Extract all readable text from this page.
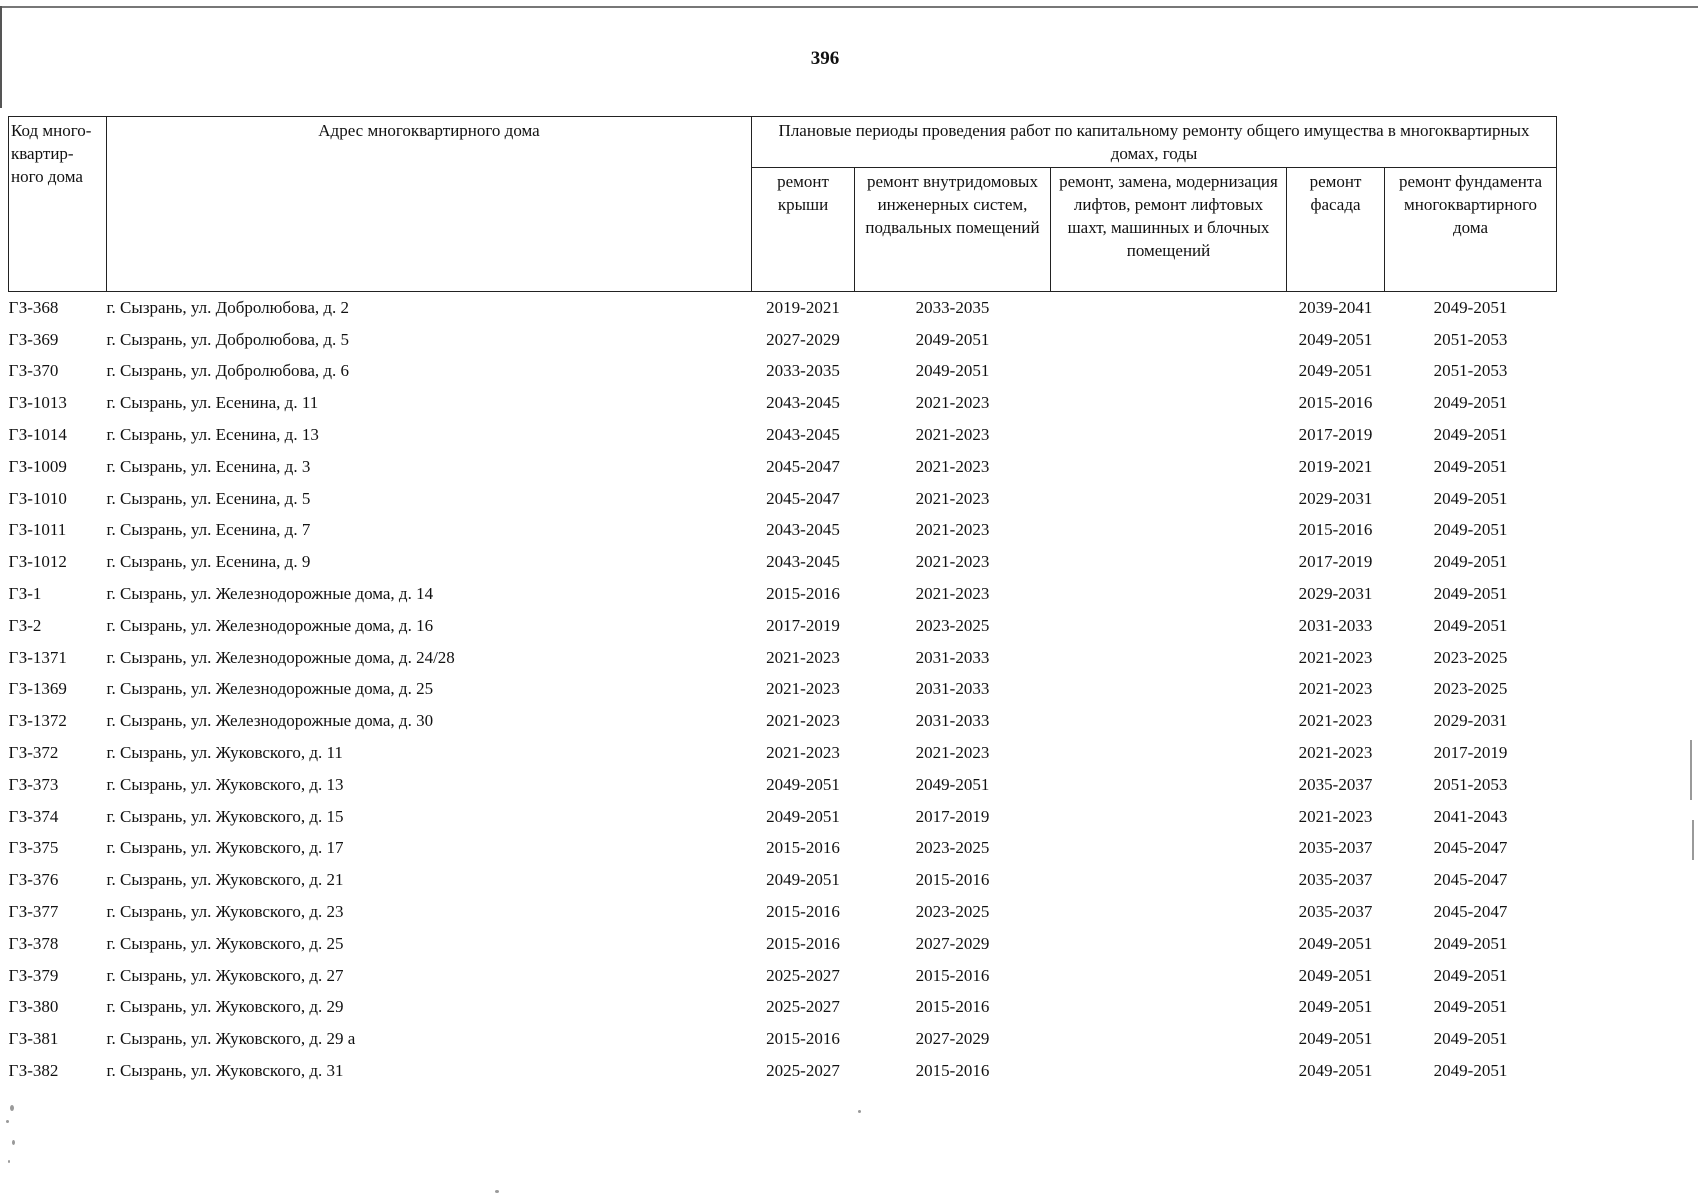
396
Код много-квартир-ного дома	Адрес многоквартирного дома	Плановые периоды проведения работ по капитальному ремонту общего имущества в многоквартирных домах, годы				
		ремонт крыши	ремонт внутридомовых инженерных систем, подвальных помещений	ремонт, замена, модернизация лифтов, ремонт лифтовых шахт, машинных и блочных помещений	ремонт фасада	ремонт фундамента многоквартирного дома
ГЗ-368	г. Сызрань, ул. Добролюбова, д. 2	2019-2021	2033-2035		2039-2041	2049-2051
ГЗ-369	г. Сызрань, ул. Добролюбова, д. 5	2027-2029	2049-2051		2049-2051	2051-2053
ГЗ-370	г. Сызрань, ул. Добролюбова, д. 6	2033-2035	2049-2051		2049-2051	2051-2053
ГЗ-1013	г. Сызрань, ул. Есенина, д. 11	2043-2045	2021-2023		2015-2016	2049-2051
ГЗ-1014	г. Сызрань, ул. Есенина, д. 13	2043-2045	2021-2023		2017-2019	2049-2051
ГЗ-1009	г. Сызрань, ул. Есенина, д. 3	2045-2047	2021-2023		2019-2021	2049-2051
ГЗ-1010	г. Сызрань, ул. Есенина, д. 5	2045-2047	2021-2023		2029-2031	2049-2051
ГЗ-1011	г. Сызрань, ул. Есенина, д. 7	2043-2045	2021-2023		2015-2016	2049-2051
ГЗ-1012	г. Сызрань, ул. Есенина, д. 9	2043-2045	2021-2023		2017-2019	2049-2051
ГЗ-1	г. Сызрань, ул. Железнодорожные дома, д. 14	2015-2016	2021-2023		2029-2031	2049-2051
ГЗ-2	г. Сызрань, ул. Железнодорожные дома, д. 16	2017-2019	2023-2025		2031-2033	2049-2051
ГЗ-1371	г. Сызрань, ул. Железнодорожные дома, д. 24/28	2021-2023	2031-2033		2021-2023	2023-2025
ГЗ-1369	г. Сызрань, ул. Железнодорожные дома, д. 25	2021-2023	2031-2033		2021-2023	2023-2025
ГЗ-1372	г. Сызрань, ул. Железнодорожные дома, д. 30	2021-2023	2031-2033		2021-2023	2029-2031
ГЗ-372	г. Сызрань, ул. Жуковского, д. 11	2021-2023	2021-2023		2021-2023	2017-2019
ГЗ-373	г. Сызрань, ул. Жуковского, д. 13	2049-2051	2049-2051		2035-2037	2051-2053
ГЗ-374	г. Сызрань, ул. Жуковского, д. 15	2049-2051	2017-2019		2021-2023	2041-2043
ГЗ-375	г. Сызрань, ул. Жуковского, д. 17	2015-2016	2023-2025		2035-2037	2045-2047
ГЗ-376	г. Сызрань, ул. Жуковского, д. 21	2049-2051	2015-2016		2035-2037	2045-2047
ГЗ-377	г. Сызрань, ул. Жуковского, д. 23	2015-2016	2023-2025		2035-2037	2045-2047
ГЗ-378	г. Сызрань, ул. Жуковского, д. 25	2015-2016	2027-2029		2049-2051	2049-2051
ГЗ-379	г. Сызрань, ул. Жуковского, д. 27	2025-2027	2015-2016		2049-2051	2049-2051
ГЗ-380	г. Сызрань, ул. Жуковского, д. 29	2025-2027	2015-2016		2049-2051	2049-2051
ГЗ-381	г. Сызрань, ул. Жуковского, д. 29 а	2015-2016	2027-2029		2049-2051	2049-2051
ГЗ-382	г. Сызрань, ул. Жуковского, д. 31	2025-2027	2015-2016		2049-2051	2049-2051
